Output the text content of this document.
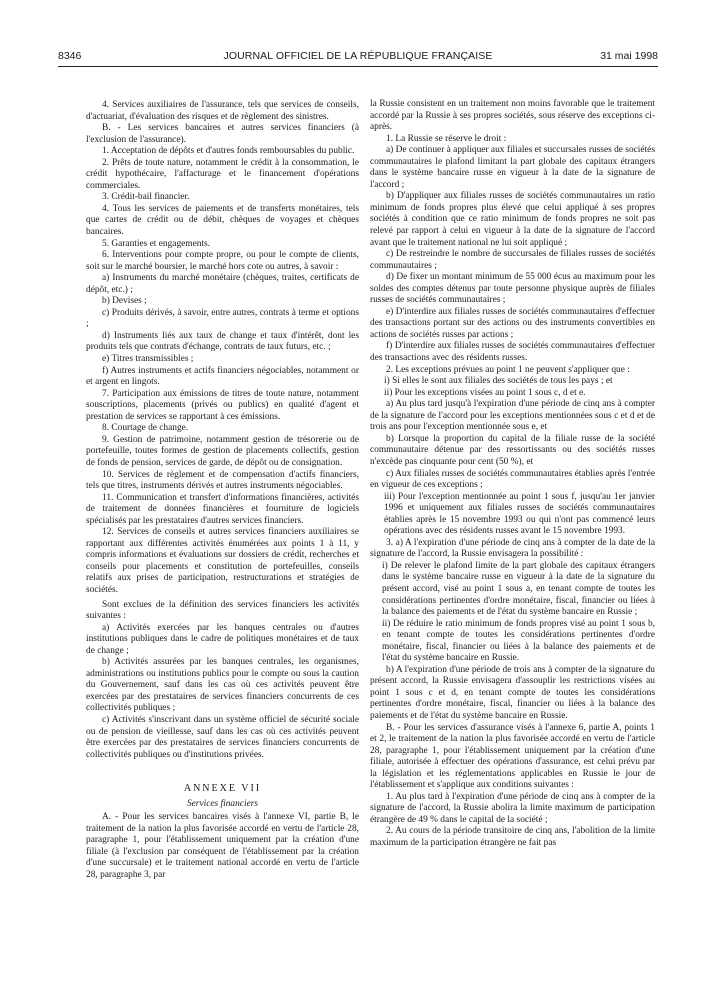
8346	JOURNAL OFFICIEL DE LA RÉPUBLIQUE FRANÇAISE	31 mai 1998

4. Services auxiliaires de l'assurance, tels que services de conseils, d'actuariat, d'évaluation des risques et de règlement des sinistres.

B. - Les services bancaires et autres services financiers (à l'exclusion de l'assurance).

1. Acceptation de dépôts et d'autres fonds remboursables du public.

2. Prêts de toute nature, notamment le crédit à la consommation, le crédit hypothécaire, l'affacturage et le financement d'opérations commerciales.

3. Crédit-bail financier.

4. Tous les services de paiements et de transferts monétaires, tels que cartes de crédit ou de débit, chèques de voyages et chèques bancaires.

5. Garanties et engagements.

6. Interventions pour compte propre, ou pour le compte de clients, soit sur le marché boursier, le marché hors cote ou autres, à savoir :

a) Instruments du marché monétaire (chèques, traites, certificats de dépôt, etc.) ;

b) Devises ;

c) Produits dérivés, à savoir, entre autres, contrats à terme et options ;

d) Instruments liés aux taux de change et taux d'intérêt, dont les produits tels que contrats d'échange, contrats de taux futurs, etc. ;

e) Titres transmissibles ;

f) Autres instruments et actifs financiers négociables, notamment or et argent en lingots.

7. Participation aux émissions de titres de toute nature, notamment souscriptions, placements (privés ou publics) en qualité d'agent et prestation de services se rapportant à ces émissions.

8. Courtage de change.

9. Gestion de patrimoine, notamment gestion de trésorerie ou de portefeuille, toutes formes de gestion de placements collectifs, gestion de fonds de pension, services de garde, de dépôt ou de consignation.

10. Services de règlement et de compensation d'actifs financiers, tels que titres, instruments dérivés et autres instruments négociables.

11. Communication et transfert d'informations financières, activités de traitement de données financières et fourniture de logiciels spécialisés par les prestataires d'autres services financiers.

12. Services de conseils et autres services financiers auxiliaires se rapportant aux différentes activités énumérées aux points 1 à 11, y compris informations et évaluations sur dossiers de crédit, recherches et conseils pour placements et constitution de portefeuilles, conseils relatifs aux prises de participation, restructurations et stratégies de sociétés.

Sont exclues de la définition des services financiers les activités suivantes :

a) Activités exercées par les banques centrales ou d'autres institutions publiques dans le cadre de politiques monétaires et de taux de change ;

b) Activités assurées par les banques centrales, les organismes, administrations ou institutions publics pour le compte ou sous la caution du Gouvernement, sauf dans les cas où ces activités peuvent être exercées par des prestataires de services financiers concurrents de ces collectivités publiques ;

c) Activités s'inscrivant dans un système officiel de sécurité sociale ou de pension de vieillesse, sauf dans les cas où ces activités peuvent être exercées par des prestataires de services financiers concurrents de collectivités publiques ou d'institutions privées.

ANNEXE VII

Services financiers

A. - Pour les services bancaires visés à l'annexe VI, partie B, le traitement de la nation la plus favorisée accordé en vertu de l'article 28, paragraphe 1, pour l'établissement uniquement par la création d'une filiale (à l'exclusion par conséquent de l'établissement par la création d'une succursale) et le traitement national accordé en vertu de l'article 28, paragraphe 3, par

la Russie consistent en un traitement non moins favorable que le traitement accordé par la Russie à ses propres sociétés, sous réserve des exceptions ci-après.

1. La Russie se réserve le droit :

a) De continuer à appliquer aux filiales et succursales russes de sociétés communautaires le plafond limitant la part globale des capitaux étrangers dans le système bancaire russe en vigueur à la date de la signature de l'accord ;

b) D'appliquer aux filiales russes de sociétés communautaires un ratio minimum de fonds propres plus élevé que celui appliqué à ses propres sociétés à condition que ce ratio minimum de fonds propres ne soit pas relevé par rapport à celui en vigueur à la date de la signature de l'accord avant que le traitement national ne lui soit appliqué ;

c) De restreindre le nombre de succursales de filiales russes de sociétés communautaires ;

d) De fixer un montant minimum de 55 000 écus au maximum pour les soldes des comptes détenus par toute personne physique auprès de filiales russes de sociétés communautaires ;

e) D'interdire aux filiales russes de sociétés communautaires d'effectuer des transactions portant sur des actions ou des instruments convertibles en actions de sociétés russes par actions ;

f) D'interdire aux filiales russes de sociétés communautaires d'effectuer des transactions avec des résidents russes.

2. Les exceptions prévues au point 1 ne peuvent s'appliquer que :

i) Si elles le sont aux filiales des sociétés de tous les pays ; et

ii) Pour les exceptions visées au point 1 sous c, d et e.

a) Au plus tard jusqu'à l'expiration d'une période de cinq ans à compter de la signature de l'accord pour les exceptions mentionnées sous c et d et de trois ans pour l'exception mentionnée sous e, et

b) Lorsque la proportion du capital de la filiale russe de la société communautaire détenue par des ressortissants ou des sociétés russes n'excède pas cinquante pour cent (50 %), et

c) Aux filiales russes de sociétés communautaires établies après l'entrée en vigueur de ces exceptions ;

iii) Pour l'exception mentionnée au point 1 sous f, jusqu'au 1er janvier 1996 et uniquement aux filiales russes de sociétés communautaires établies après le 15 novembre 1993 ou qui n'ont pas commencé leurs opérations avec des résidents russes avant le 15 novembre 1993.

3. a) A l'expiration d'une période de cinq ans à compter de la date de la signature de l'accord, la Russie envisagera la possibilité :

i) De relever le plafond limite de la part globale des capitaux étrangers dans le système bancaire russe en vigueur à la date de la signature du présent accord, visé au point 1 sous a, en tenant compte de toutes les considérations pertinentes d'ordre monétaire, fiscal, financier ou liées à la balance des paiements et de l'état du système bancaire en Russie ;

ii) De réduire le ratio minimum de fonds propres visé au point 1 sous b, en tenant compte de toutes les considérations pertinentes d'ordre monétaire, fiscal, financier ou liées à la balance des paiements et de l'état du système bancaire en Russie.

b) A l'expiration d'une période de trois ans à compter de la signature du présent accord, la Russie envisagera d'assouplir les restrictions visées au point 1 sous c et d, en tenant compte de toutes les considérations pertinentes d'ordre monétaire, fiscal, financier ou liées à la balance des paiements et de l'état du système bancaire en Russie.

B. - Pour les services d'assurance visés à l'annexe 6, partie A, points 1 et 2, le traitement de la nation la plus favorisée accordé en vertu de l'article 28, paragraphe 1, pour l'établissement uniquement par la création d'une filiale, autorisée à effectuer des opérations d'assurance, est celui prévu par la législation et les réglementations applicables en Russie le jour de l'établissement et s'applique aux conditions suivantes :

1. Au plus tard à l'expiration d'une période de cinq ans à compter de la signature de l'accord, la Russie abolira la limite maximum de participation étrangère de 49 % dans le capital de la société ;

2. Au cours de la période transitoire de cinq ans, l'abolition de la limite maximum de la participation étrangère ne fait pas
